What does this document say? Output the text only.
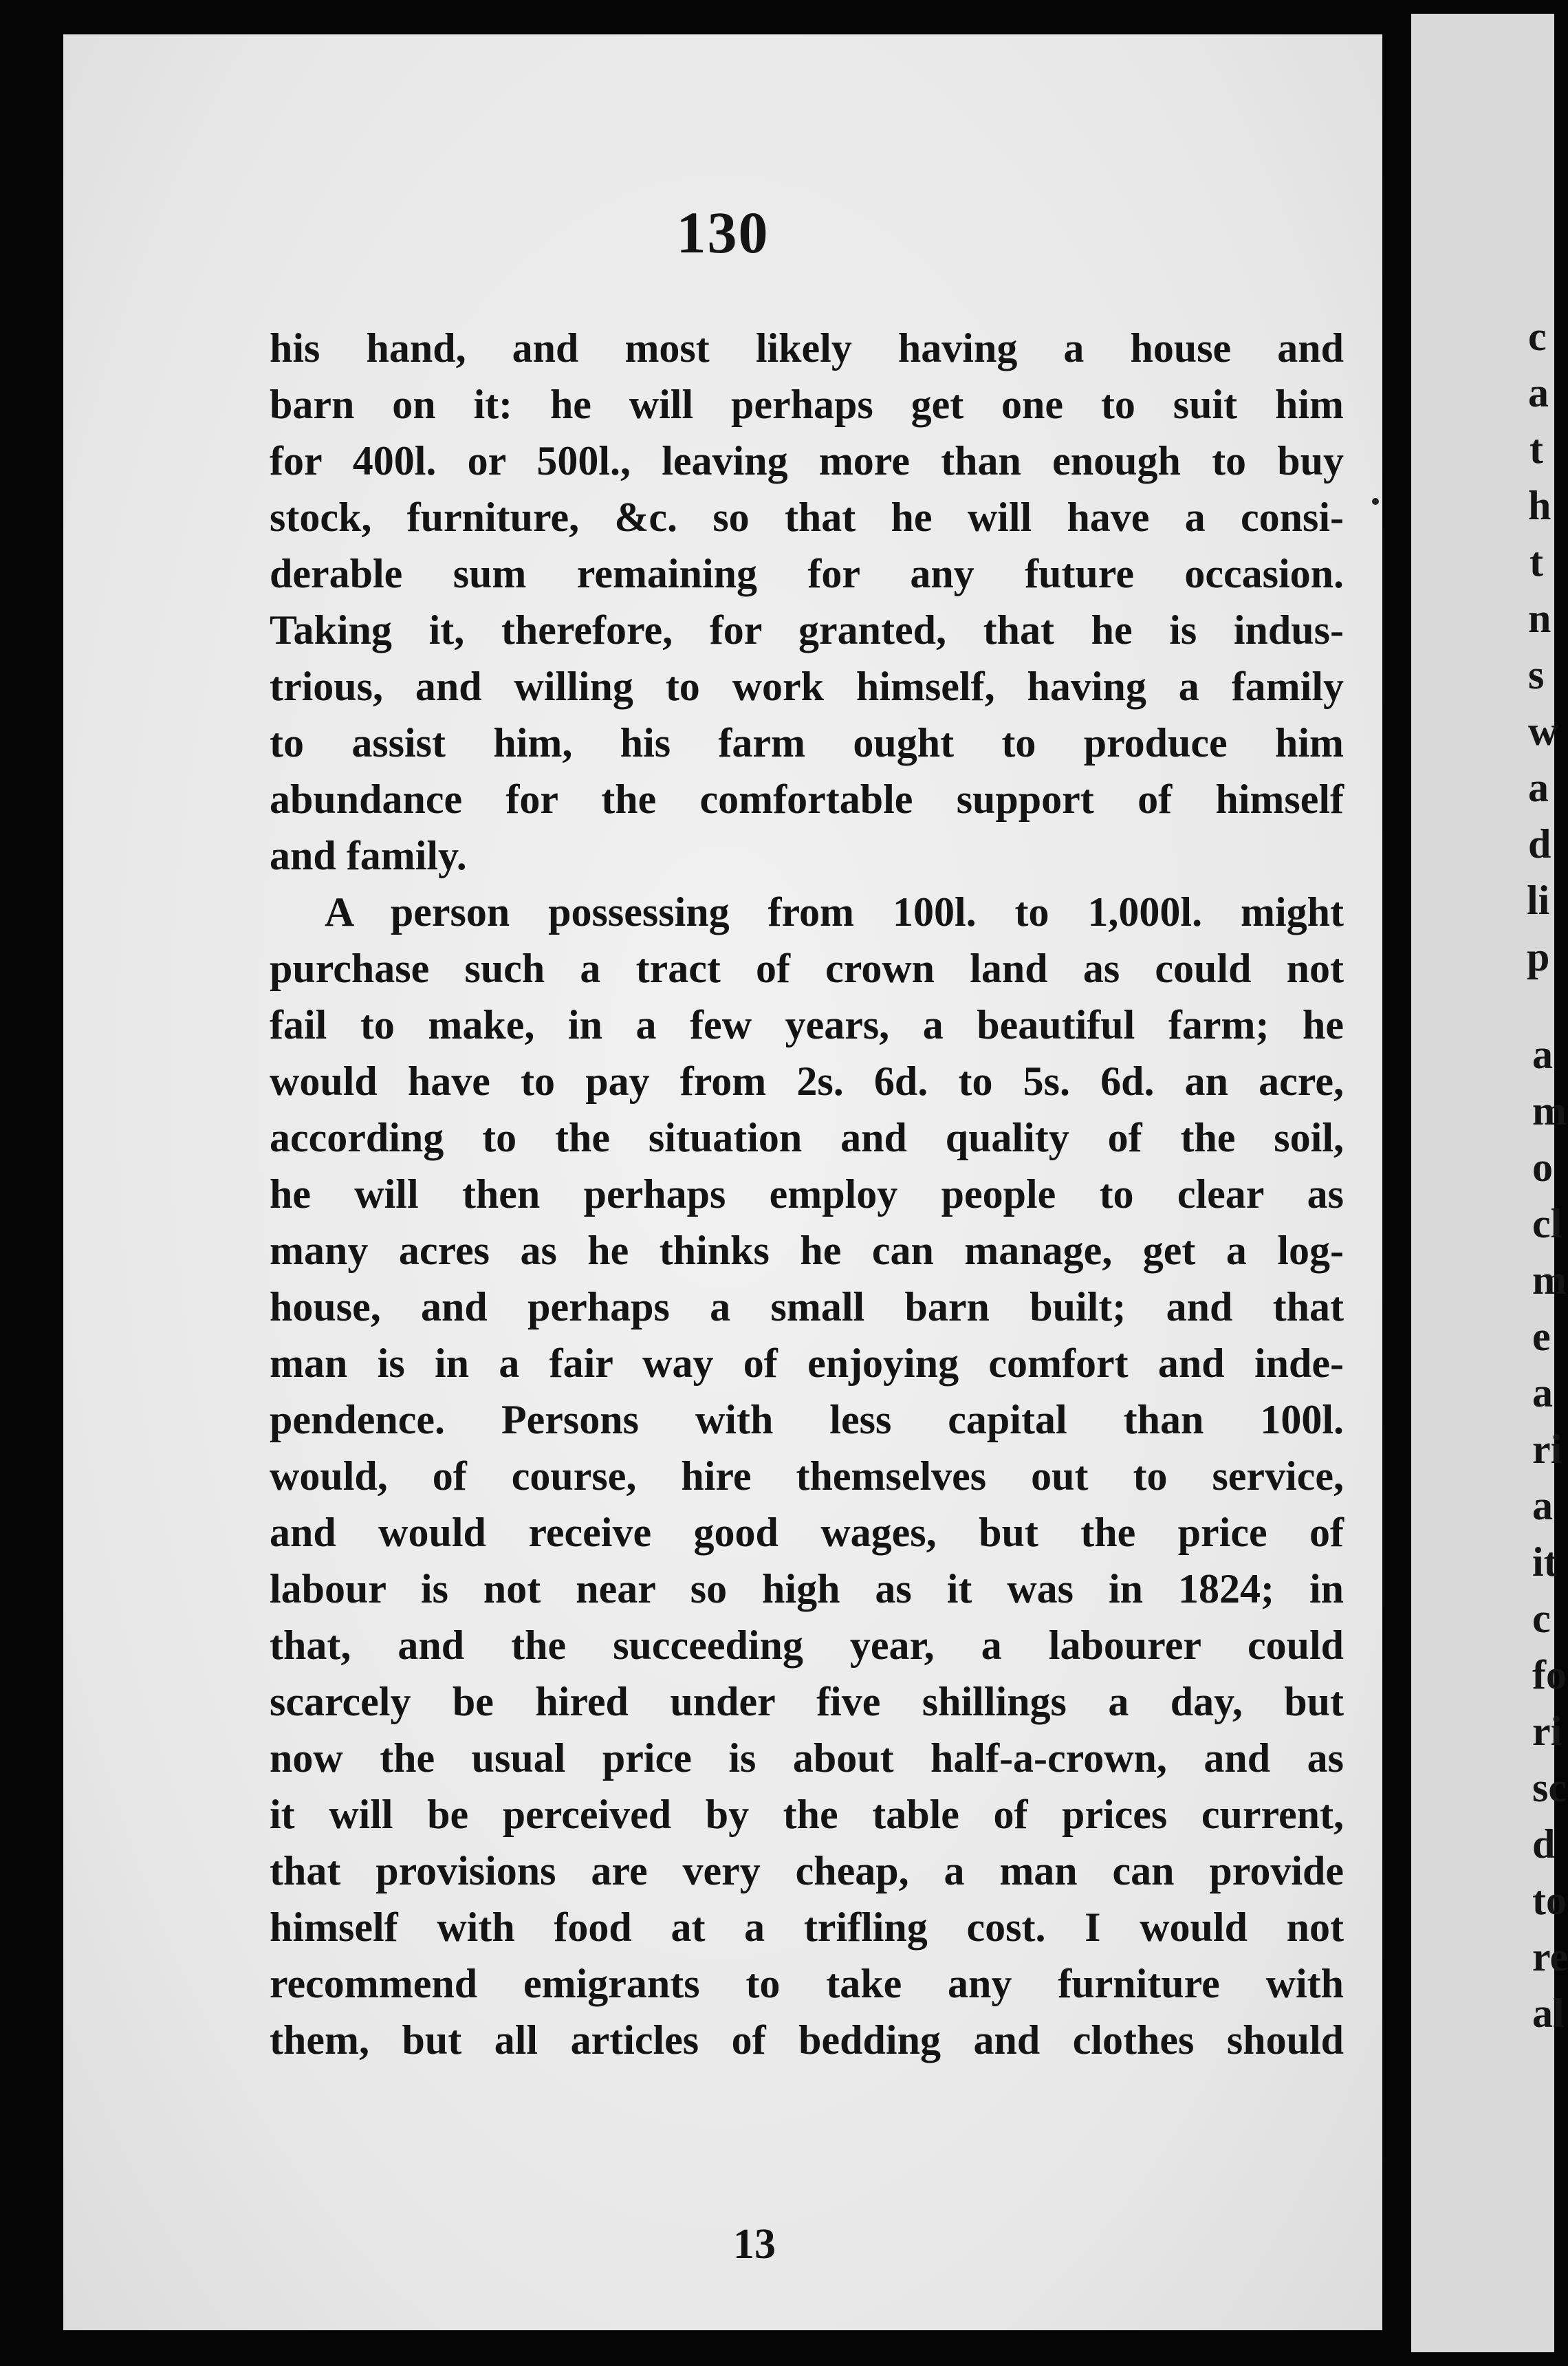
130
his hand, and most likely having a house and
barn on it: he will perhaps get one to suit him
for 400l. or 500l., leaving more than enough to buy
stock, furniture, &c. so that he will have a consi-
derable sum remaining for any future occasion.
Taking it, therefore, for granted, that he is indus-
trious, and willing to work himself, having a family
to assist him, his farm ought to produce him
abundance for the comfortable support of himself
and family.
A person possessing from 100l. to 1,000l. might
purchase such a tract of crown land as could not
fail to make, in a few years, a beautiful farm; he
would have to pay from 2s. 6d. to 5s. 6d. an acre,
according to the situation and quality of the soil,
he will then perhaps employ people to clear as
many acres as he thinks he can manage, get a log-
house, and perhaps a small barn built; and that
man is in a fair way of enjoying comfort and inde-
pendence. Persons with less capital than 100l.
would, of course, hire themselves out to service,
and would receive good wages, but the price of
labour is not near so high as it was in 1824; in
that, and the succeeding year, a labourer could
scarcely be hired under five shillings a day, but
now the usual price is about half-a-crown, and as
it will be perceived by the table of prices current,
that provisions are very cheap, a man can provide
himself with food at a trifling cost. I would not
recommend emigrants to take any furniture with
them, but all articles of bedding and clothes should
13
c
a
t
h
t
n
s
w
a
d
li
p
a
m
o
cl
m
e
a
ri
a
it
c
fo
ri
sc
d
to
re
al
